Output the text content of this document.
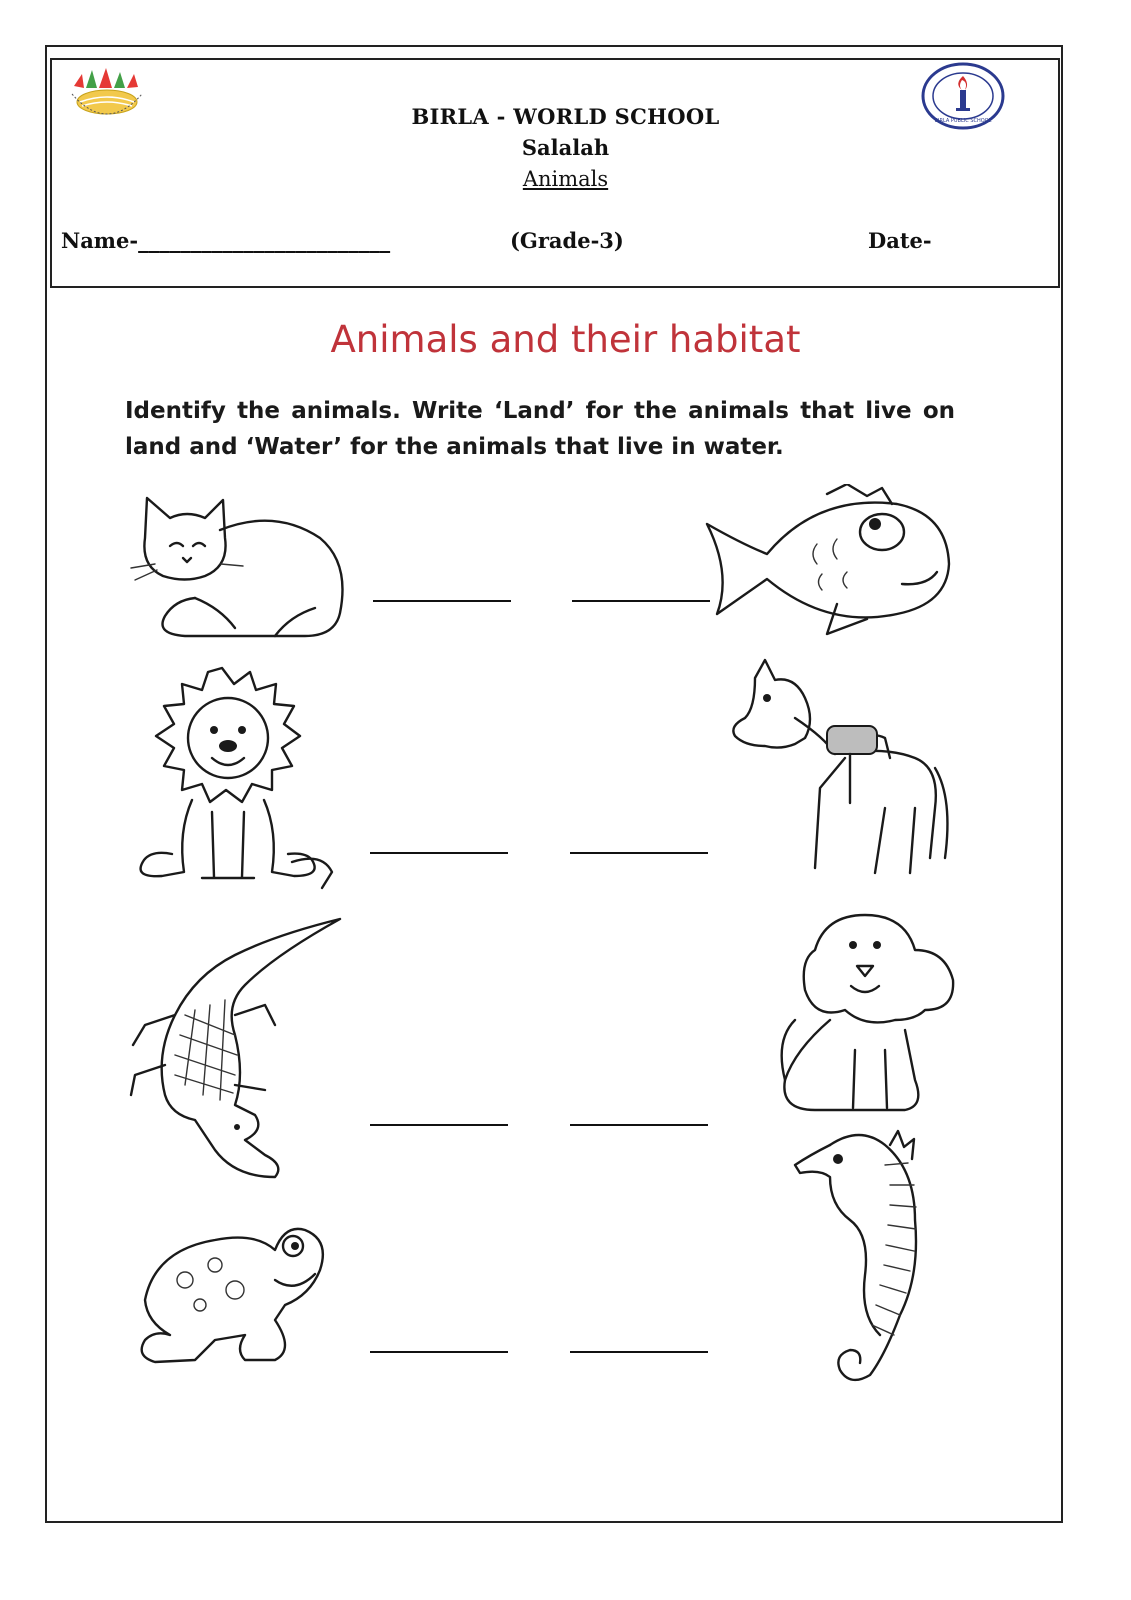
BIRLA PUBLIC SCHOOL
BIRLA - WORLD SCHOOL
Salalah
Animals
Name-________________________	(Grade-3)	Date-
Animals and their habitat
Identify the animals. Write ‘Land’ for the animals that live on land and ‘Water’ for the animals that live in water.
